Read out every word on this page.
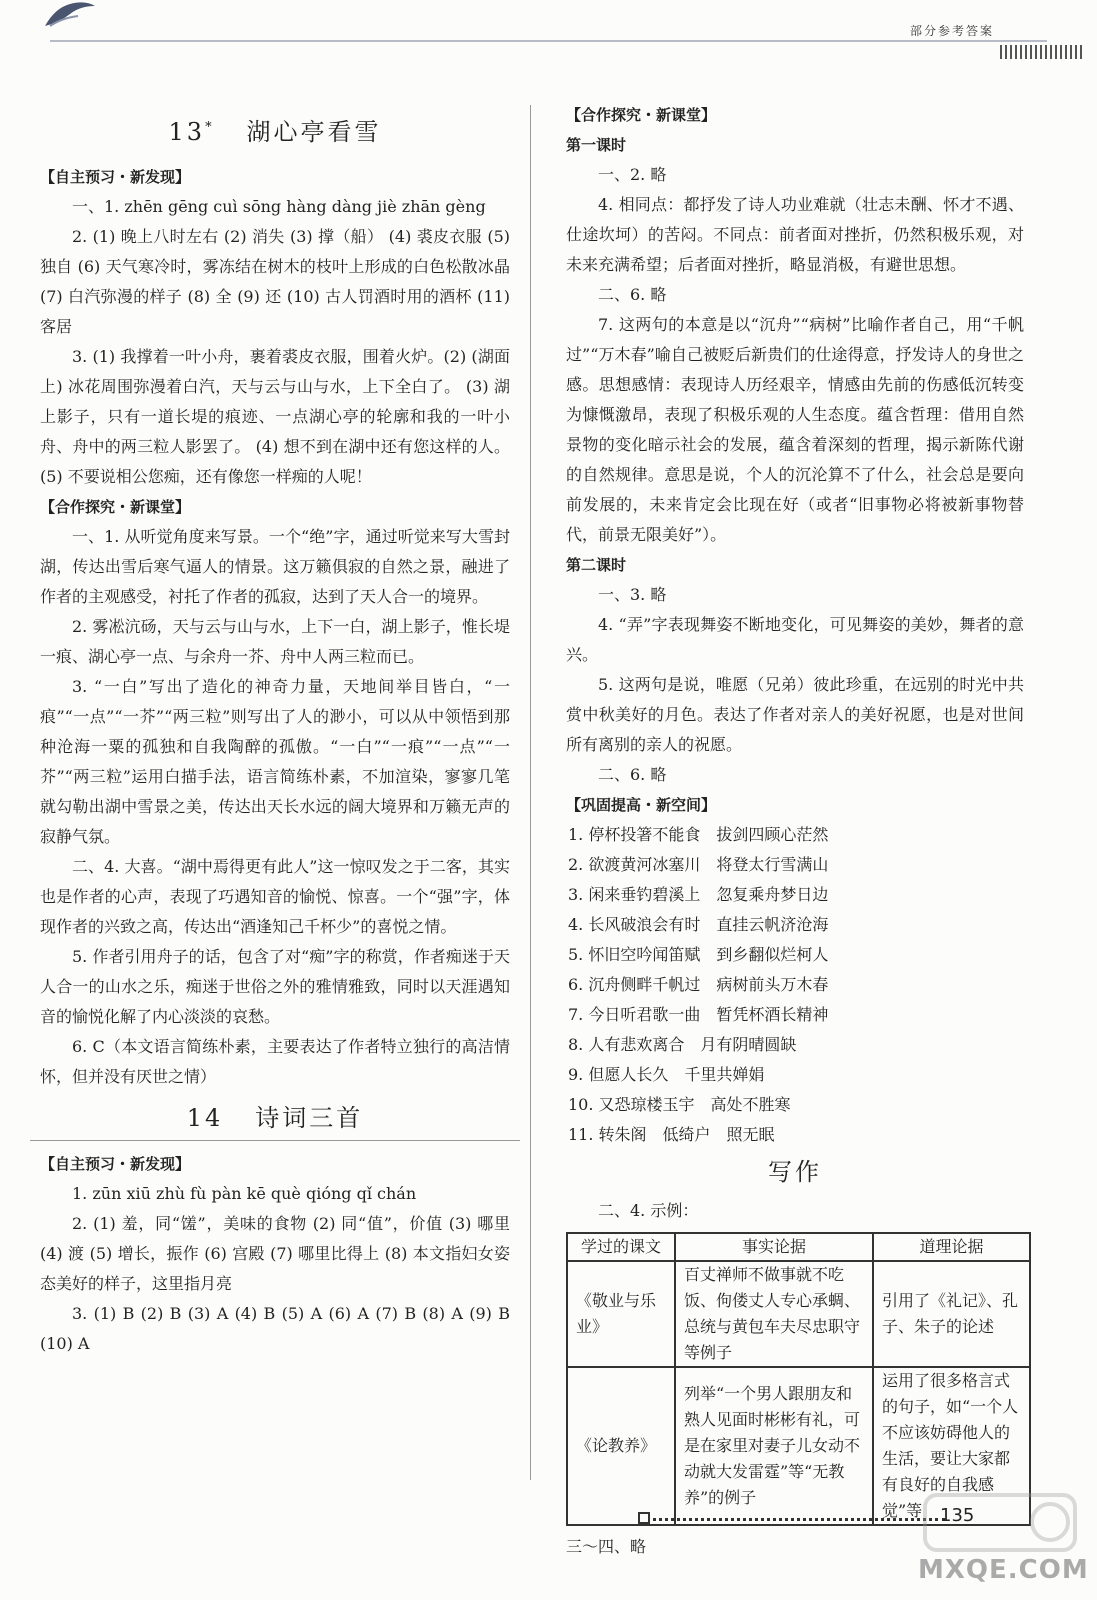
部分参考答案
13* 湖心亭看雪

【自主预习・新发现】

一、1. zhēn gēng cuì sōng hàng dàng jiè zhān gèng

2. (1) 晚上八时左右 (2) 消失 (3) 撑（船） (4) 裘皮衣服 (5) 独自 (6) 天气寒冷时，雾冻结在树木的枝叶上形成的白色松散冰晶 (7) 白汽弥漫的样子 (8) 全 (9) 还 (10) 古人罚酒时用的酒杯 (11) 客居

3. (1) 我撑着一叶小舟，裹着裘皮衣服，围着火炉。(2) (湖面上) 冰花周围弥漫着白汽，天与云与山与水，上下全白了。 (3) 湖上影子，只有一道长堤的痕迹、一点湖心亭的轮廓和我的一叶小舟、舟中的两三粒人影罢了。 (4) 想不到在湖中还有您这样的人。 (5) 不要说相公您痴，还有像您一样痴的人呢！

【合作探究・新课堂】

一、1. 从听觉角度来写景。一个“绝”字，通过听觉来写大雪封湖，传达出雪后寒气逼人的情景。这万籁俱寂的自然之景，融进了作者的主观感受，衬托了作者的孤寂，达到了天人合一的境界。

2. 雾凇沆砀，天与云与山与水，上下一白，湖上影子，惟长堤一痕、湖心亭一点、与余舟一芥、舟中人两三粒而已。

3. “一白”写出了造化的神奇力量，天地间举目皆白，“一痕”“一点”“一芥”“两三粒”则写出了人的渺小，可以从中领悟到那种沧海一粟的孤独和自我陶醉的孤傲。“一白”“一痕”“一点”“一芥”“两三粒”运用白描手法，语言简练朴素，不加渲染，寥寥几笔就勾勒出湖中雪景之美，传达出天长水远的阔大境界和万籁无声的寂静气氛。

二、4. 大喜。“湖中焉得更有此人”这一惊叹发之于二客，其实也是作者的心声，表现了巧遇知音的愉悦、惊喜。一个“强”字，体现作者的兴致之高，传达出“酒逢知己千杯少”的喜悦之情。

5. 作者引用舟子的话，包含了对“痴”字的称赏，作者痴迷于天人合一的山水之乐，痴迷于世俗之外的雅情雅致，同时以天涯遇知音的愉悦化解了内心淡淡的哀愁。

6. C（本文语言简练朴素，主要表达了作者特立独行的高洁情怀，但并没有厌世之情）

14 诗词三首

【自主预习・新发现】

1. zūn xiū zhù fù pàn kē què qióng qǐ chán

2. (1) 羞，同“馐”，美味的食物 (2) 同“值”，价值 (3) 哪里 (4) 渡 (5) 增长，振作 (6) 宫殿 (7) 哪里比得上 (8) 本文指妇女姿态美好的样子，这里指月亮

3. (1) B (2) B (3) A (4) B (5) A (6) A (7) B (8) A (9) B (10) A

【合作探究・新课堂】

第一课时

一、2. 略

4. 相同点：都抒发了诗人功业难就（壮志未酬、怀才不遇、仕途坎坷）的苦闷。不同点：前者面对挫折，仍然积极乐观，对未来充满希望；后者面对挫折，略显消极，有避世思想。

二、6. 略

7. 这两句的本意是以“沉舟”“病树”比喻作者自己，用“千帆过”“万木春”喻自己被贬后新贵们的仕途得意，抒发诗人的身世之感。思想感情：表现诗人历经艰辛，情感由先前的伤感低沉转变为慷慨激昂，表现了积极乐观的人生态度。蕴含哲理：借用自然景物的变化暗示社会的发展，蕴含着深刻的哲理，揭示新陈代谢的自然规律。意思是说，个人的沉沦算不了什么，社会总是要向前发展的，未来肯定会比现在好（或者“旧事物必将被新事物替代，前景无限美好”）。

第二课时

一、3. 略

4. “弄”字表现舞姿不断地变化，可见舞姿的美妙，舞者的意兴。

5. 这两句是说，唯愿（兄弟）彼此珍重，在远别的时光中共赏中秋美好的月色。表达了作者对亲人的美好祝愿，也是对世间所有离别的亲人的祝愿。

二、6. 略

【巩固提高・新空间】

1. 停杯投箸不能食　拔剑四顾心茫然

2. 欲渡黄河冰塞川　将登太行雪满山

3. 闲来垂钓碧溪上　忽复乘舟梦日边

4. 长风破浪会有时　直挂云帆济沧海

5. 怀旧空吟闻笛赋　到乡翻似烂柯人

6. 沉舟侧畔千帆过　病树前头万木春

7. 今日听君歌一曲　暂凭杯酒长精神

8. 人有悲欢离合　月有阴晴圆缺

9. 但愿人长久　千里共婵娟

10. 又恐琼楼玉宇　高处不胜寒

11. 转朱阁　低绮户　照无眠

写作

二、4. 示例：

学过的课文	事实论据	道理论据
《敬业与乐业》	百丈禅师不做事就不吃饭、佝偻丈人专心承蜩、总统与黄包车夫尽忠职守等例子	引用了《礼记》、孔子、朱子的论述
《论教养》	列举“一个男人跟朋友和熟人见面时彬彬有礼，可是在家里对妻子儿女动不动就大发雷霆”等“无教养”的例子	运用了很多格言式的句子，如“一个人不应该妨碍他人的生活，要让大家都有良好的自我感觉”等

三～四、略

135
MXQE.COM
